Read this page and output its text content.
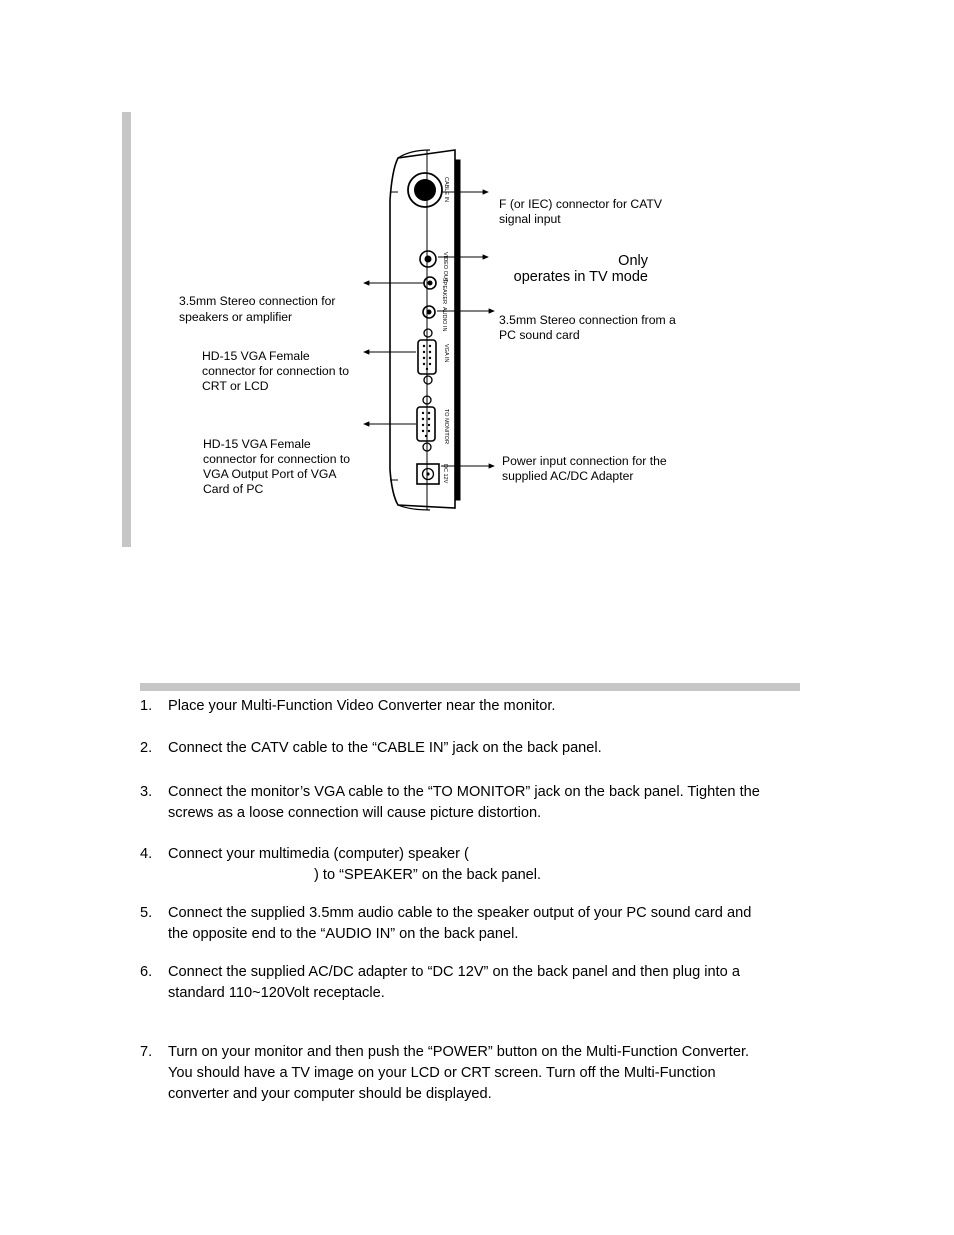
CABLE IN
VIDEO OUT
SPEAKER
AUDIO IN
VGA IN
TO MONITOR
DC 12V
F (or IEC) connector for CATV
signal input
Only
operates in TV mode
3.5mm Stereo connection for
speakers or amplifier	3.5mm Stereo connection from a
PC sound card
HD-15 VGA Female
connector for connection to
CRT or LCD
HD-15 VGA Female
connector for connection to
VGA Output Port of VGA
Card of PC
Power input connection for the
supplied AC/DC Adapter
1.	Place your Multi-Function Video Converter near the monitor.
2.	Connect the CATV cable to the “CABLE IN” jack on the back panel.
3.	Connect the monitor’s VGA cable to the “TO MONITOR” jack on the back panel. Tighten the
screws as a loose connection will cause picture distortion.
4.	Connect your multimedia (computer) speaker (
) to “SPEAKER” on the back panel.
5.	Connect the supplied 3.5mm audio cable to the speaker output of your PC sound card and
the opposite end to the “AUDIO IN” on the back panel.
6.	Connect the supplied AC/DC adapter to “DC 12V” on the back panel and then plug into a
standard 110~120Volt receptacle.
7.	Turn on your monitor and then push the “POWER” button on the Multi-Function Converter.
You should have a TV image on your LCD or CRT screen. Turn off the Multi-Function
converter and your computer should be displayed.
